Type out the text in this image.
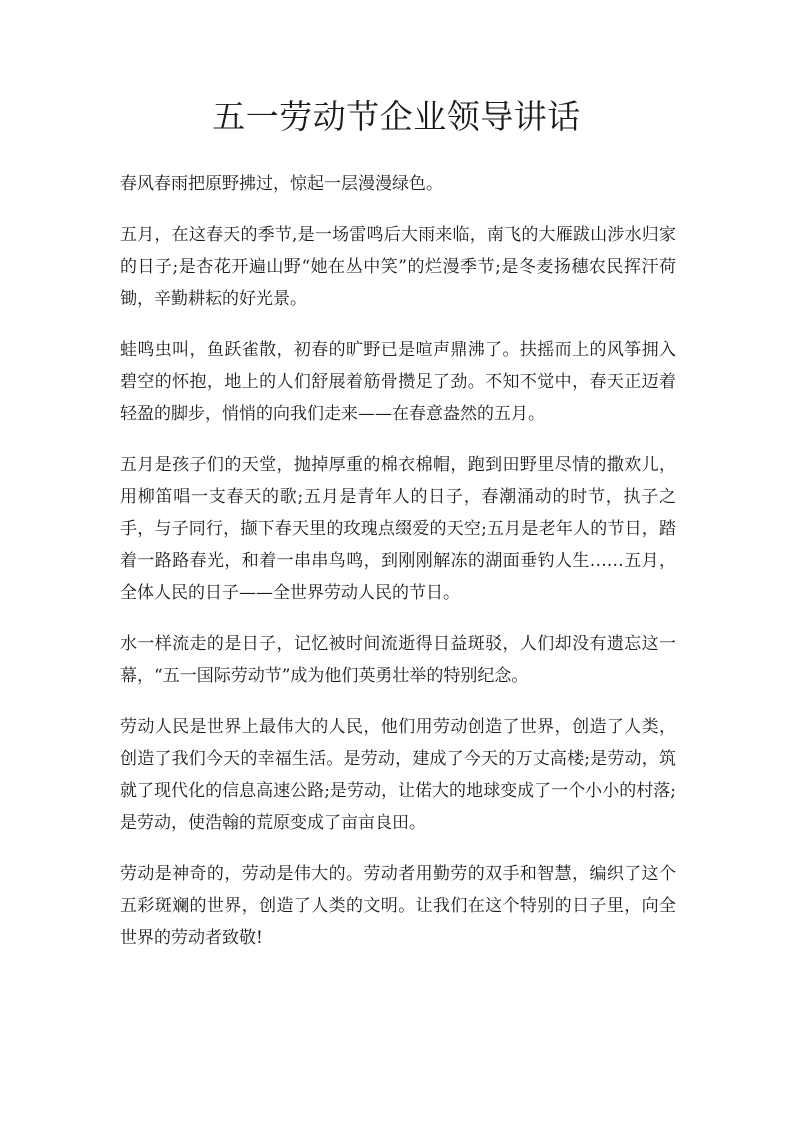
五一劳动节企业领导讲话

春风春雨把原野拂过，惊起一层漫漫绿色。

五月，在这春天的季节,是一场雷鸣后大雨来临，南飞的大雁跋山涉水归家的日子;是杏花开遍山野“她在丛中笑”的烂漫季节;是冬麦扬穗农民挥汗荷锄，辛勤耕耘的好光景。

蛙鸣虫叫，鱼跃雀散，初春的旷野已是喧声鼎沸了。扶摇而上的风筝拥入碧空的怀抱，地上的人们舒展着筋骨攒足了劲。不知不觉中，春天正迈着轻盈的脚步，悄悄的向我们走来——在春意盎然的五月。

五月是孩子们的天堂，抛掉厚重的棉衣棉帽，跑到田野里尽情的撒欢儿，用柳笛唱一支春天的歌;五月是青年人的日子，春潮涌动的时节，执子之手，与子同行，撷下春天里的玫瑰点缀爱的天空;五月是老年人的节日，踏着一路路春光，和着一串串鸟鸣，到刚刚解冻的湖面垂钓人生……五月，全体人民的日子——全世界劳动人民的节日。

水一样流走的是日子，记忆被时间流逝得日益斑驳，人们却没有遗忘这一幕，“五一国际劳动节”成为他们英勇壮举的特别纪念。

劳动人民是世界上最伟大的人民，他们用劳动创造了世界，创造了人类，创造了我们今天的幸福生活。是劳动，建成了今天的万丈高楼;是劳动，筑就了现代化的信息高速公路;是劳动，让偌大的地球变成了一个小小的村落;是劳动，使浩翰的荒原变成了亩亩良田。

劳动是神奇的，劳动是伟大的。劳动者用勤劳的双手和智慧，编织了这个五彩斑斓的世界，创造了人类的文明。让我们在这个特别的日子里，向全世界的劳动者致敬!
